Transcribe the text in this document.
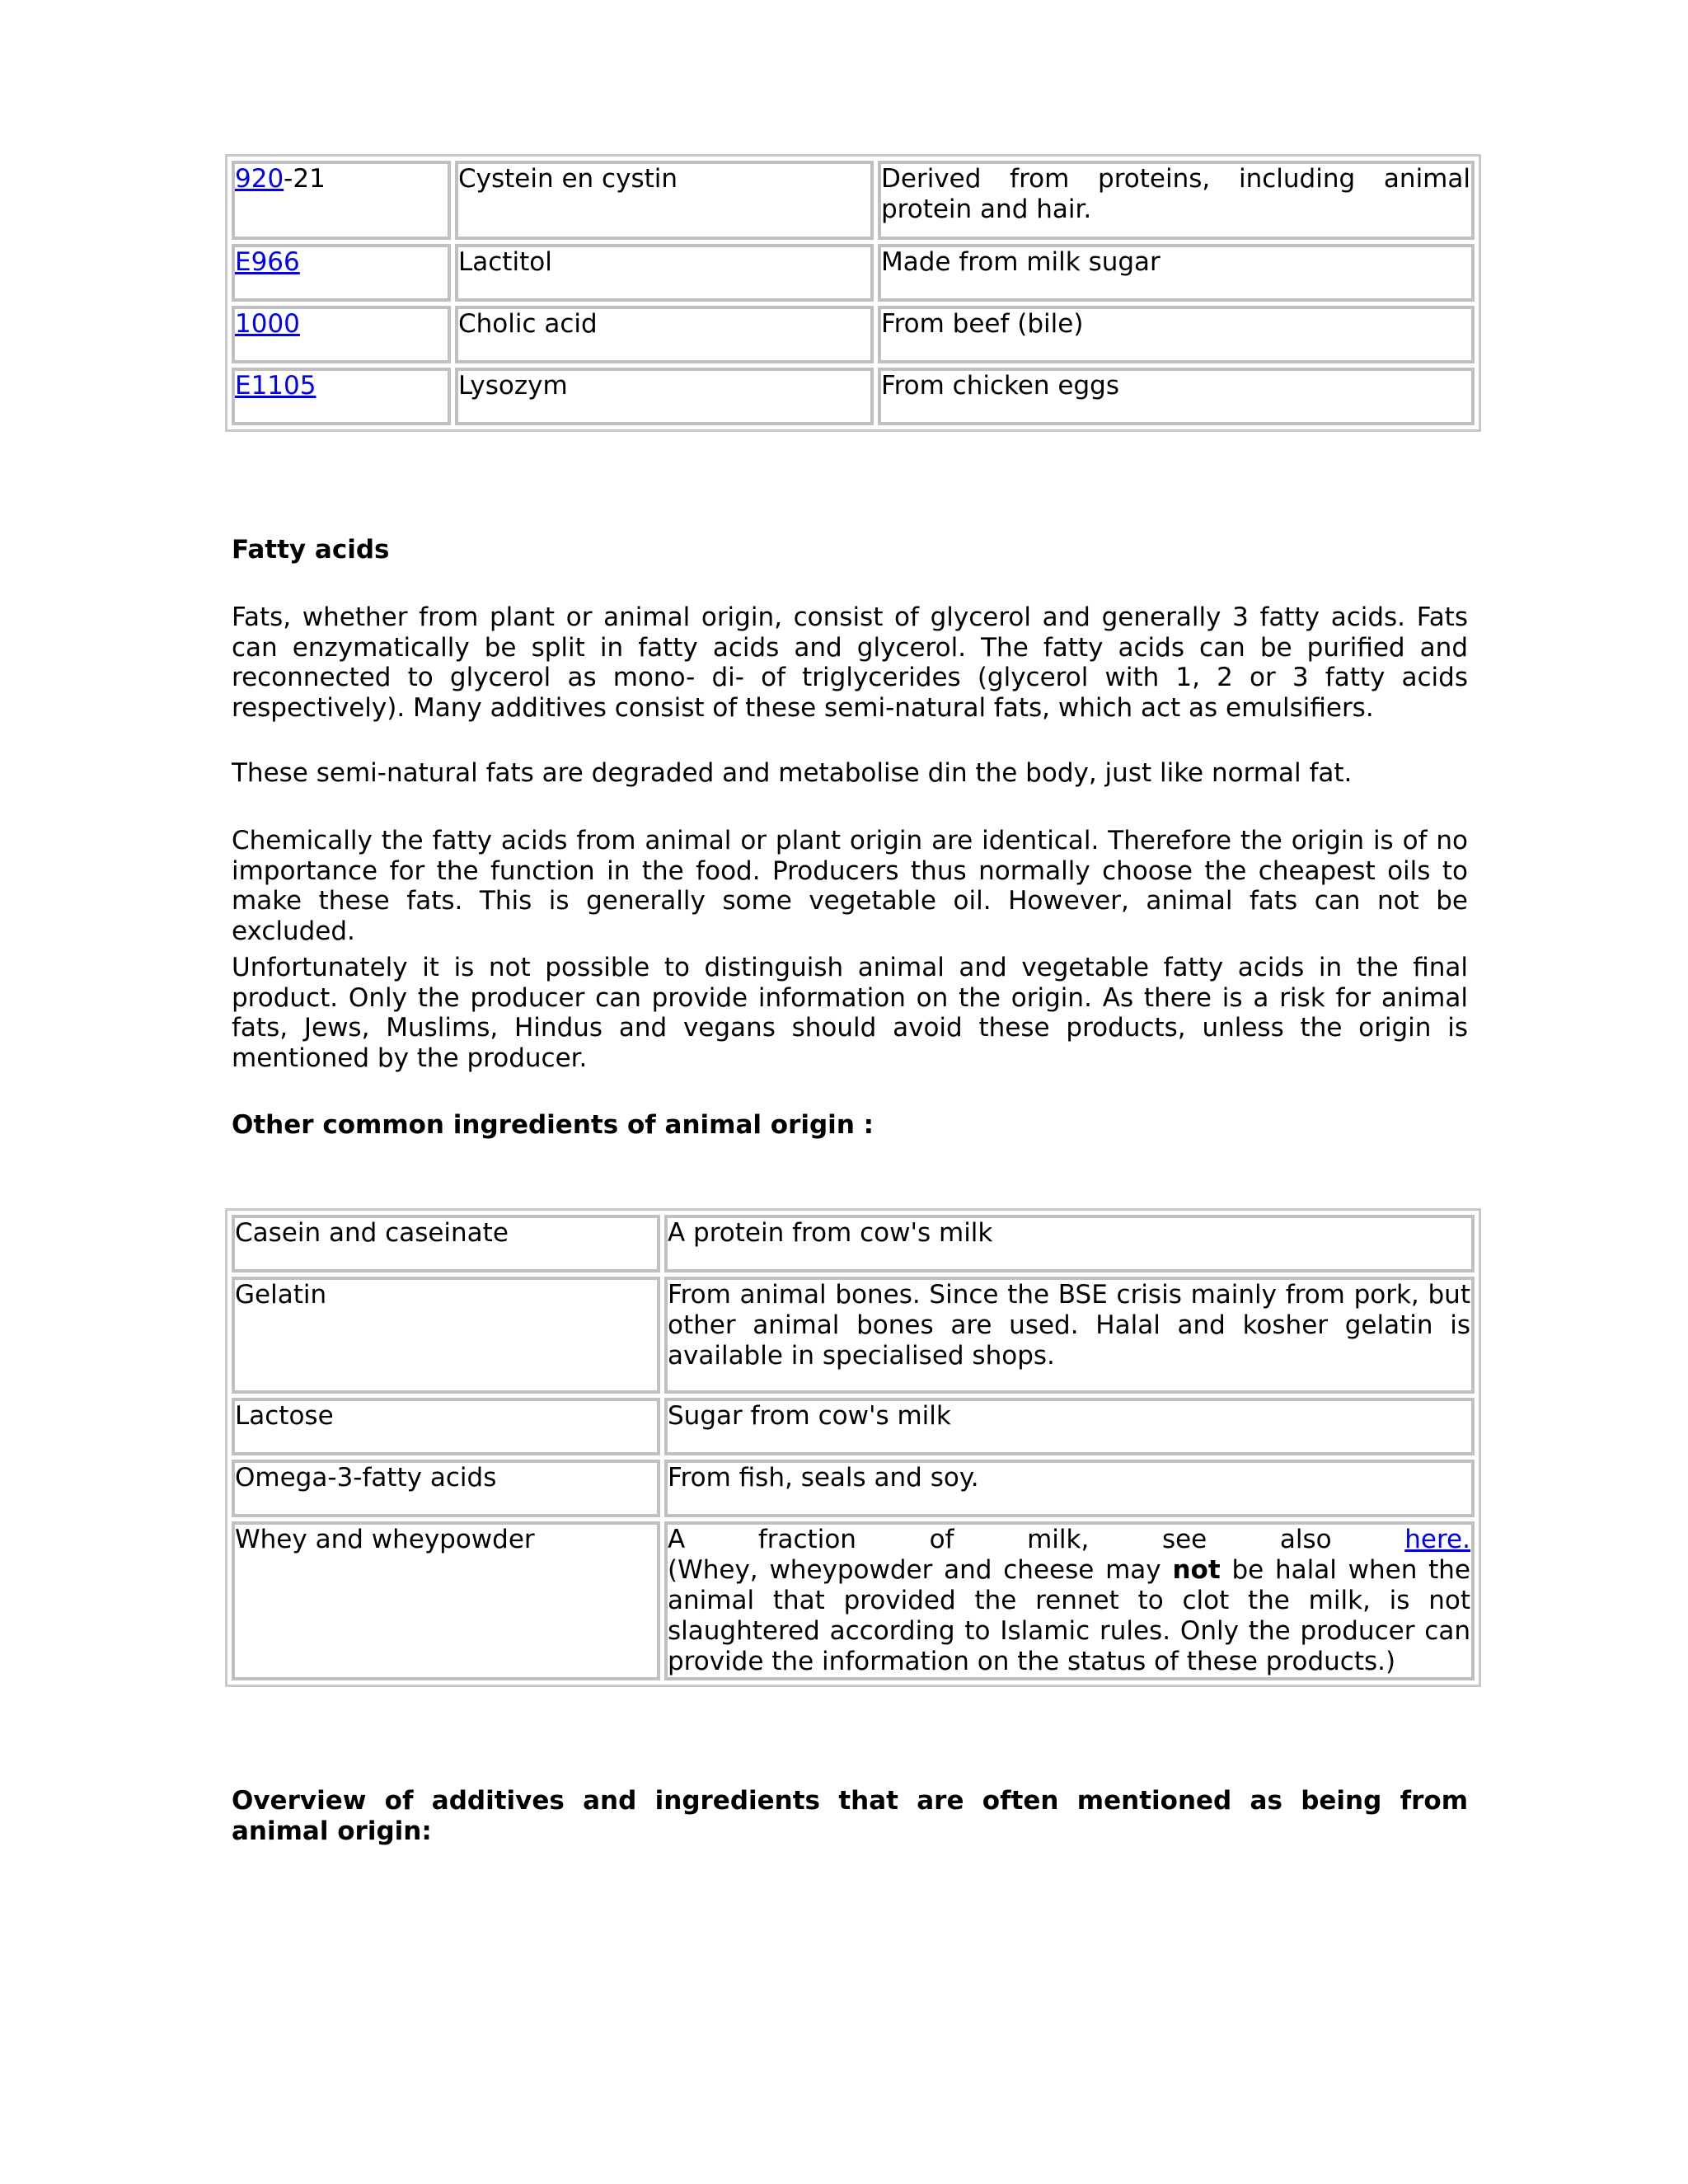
920-21	Cystein en cystin	Derived from proteins, including animal protein and hair.
E966	Lactitol	Made from milk sugar
1000	Cholic acid	From beef (bile)
E1105	Lysozym	From chicken eggs

Fatty acids

Fats, whether from plant or animal origin, consist of glycerol and generally 3 fatty acids. Fats can enzymatically be split in fatty acids and glycerol. The fatty acids can be purified and reconnected to glycerol as mono- di- of triglycerides (glycerol with 1, 2 or 3 fatty acids respectively). Many additives consist of these semi-natural fats, which act as emulsifiers.

These semi-natural fats are degraded and metabolise din the body, just like normal fat.

Chemically the fatty acids from animal or plant origin are identical. Therefore the origin is of no importance for the function in the food. Producers thus normally choose the cheapest oils to make these fats. This is generally some vegetable oil. However, animal fats can not be excluded.

Unfortunately it is not possible to distinguish animal and vegetable fatty acids in the final product. Only the producer can provide information on the origin. As there is a risk for animal fats, Jews, Muslims, Hindus and vegans should avoid these products, unless the origin is mentioned by the producer.

Other common ingredients of animal origin :

Casein and caseinate	A protein from cow's milk
Gelatin	From animal bones. Since the BSE crisis mainly from pork, but other animal bones are used. Halal and kosher gelatin is available in specialised shops.
Lactose	Sugar from cow's milk
Omega-3-fatty acids	From fish, seals and soy.
Whey and wheypowder	A fraction of milk, see also here.
(Whey, wheypowder and cheese may not be halal when the animal that provided the rennet to clot the milk, is not slaughtered according to Islamic rules. Only the producer can provide the information on the status of these products.)

Overview of additives and ingredients that are often mentioned as being from animal origin:
